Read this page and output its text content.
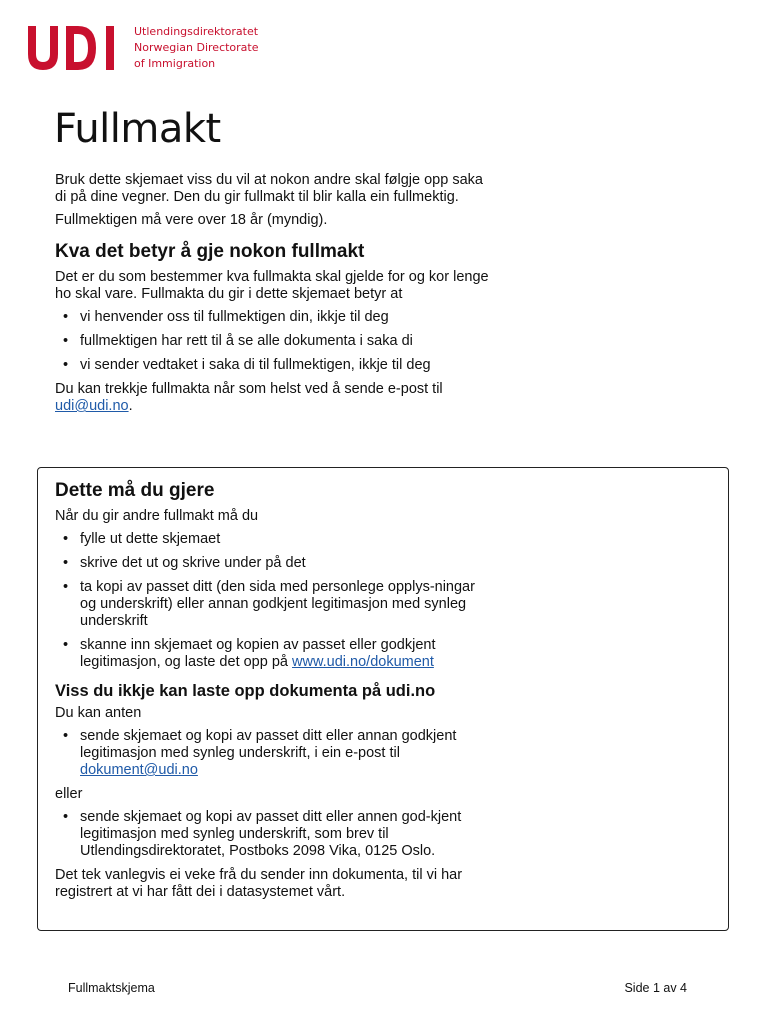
Utlendingsdirektoratet
Norwegian Directorate
of Immigration
Fullmakt

Bruk dette skjemaet viss du vil at nokon andre skal følgje opp saka di på dine vegner. Den du gir fullmakt til blir kalla ein fullmektig.

Fullmektigen må vere over 18 år (myndig).

Kva det betyr å gje nokon fullmakt

Det er du som bestemmer kva fullmakta skal gjelde for og kor lenge ho skal vare. Fullmakta du gir i dette skjemaet betyr at

• vi henvender oss til fullmektigen din, ikkje til deg
• fullmektigen har rett til å se alle dokumenta i saka di
• vi sender vedtaket i saka di til fullmektigen, ikkje til deg

Du kan trekkje fullmakta når som helst ved å sende e-post til udi@udi.no.

Dette må du gjere

Når du gir andre fullmakt må du

• fylle ut dette skjemaet
• skrive det ut og skrive under på det
• ta kopi av passet ditt (den sida med personlege opplys-ningar og underskrift) eller annan godkjent legitimasjon med synleg underskrift
• skanne inn skjemaet og kopien av passet eller godkjent legitimasjon, og laste det opp på www.udi.no/dokument
Viss du ikkje kan laste opp dokumenta på udi.no

Du kan anten

• sende skjemaet og kopi av passet ditt eller annan godkjent legitimasjon med synleg underskrift, i ein e-post til dokument@udi.no

eller

• sende skjemaet og kopi av passet ditt eller annen god-kjent legitimasjon med synleg underskrift, som brev til Utlendingsdirektoratet, Postboks 2098 Vika, 0125 Oslo.

Det tek vanlegvis ei veke frå du sender inn dokumenta, til vi har registrert at vi har fått dei i datasystemet vårt.

Fullmaktskjema	Side 1 av 4
